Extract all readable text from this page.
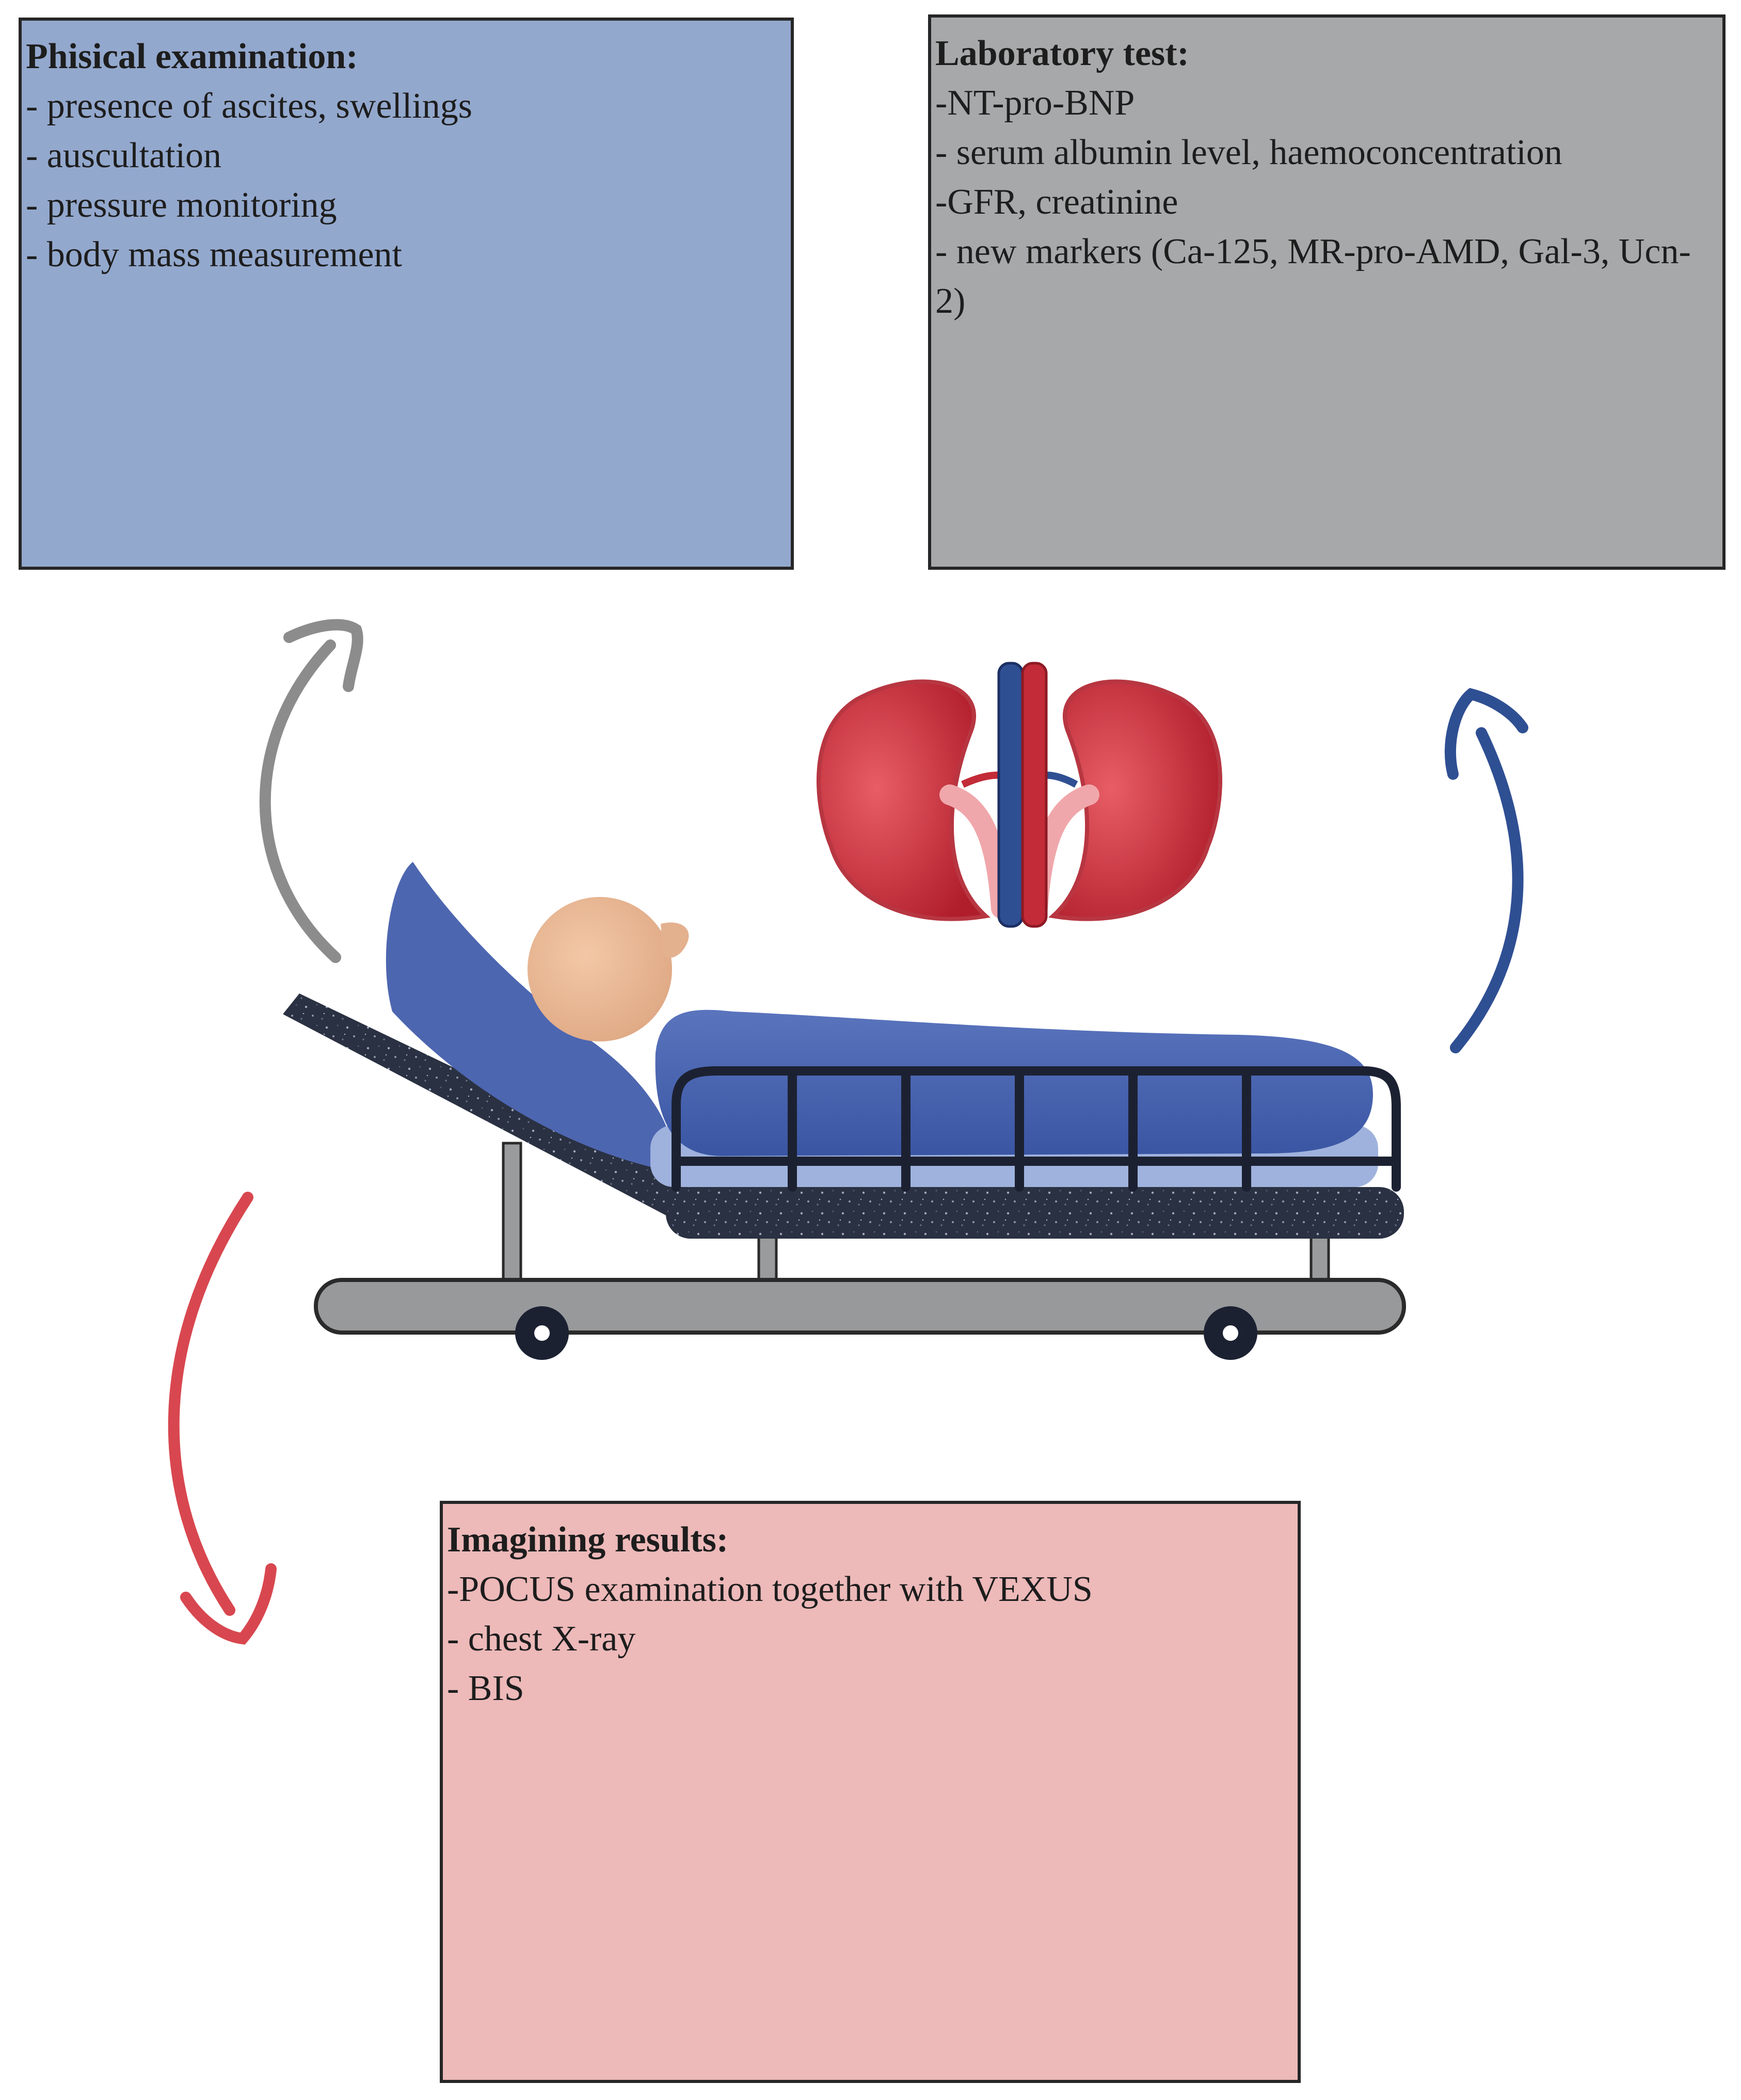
Phisical examination:
- presence of ascites, swellings
- auscultation
- pressure monitoring
- body mass measurement
Laboratory test:
-NT-pro-BNP
- serum albumin level, haemoconcentration
-GFR, creatinine
- new markers (Ca-125, MR-pro-AMD, Gal-3, Ucn-2)
Imagining results:
-POCUS examination together with VEXUS
- chest X-ray
- BIS
